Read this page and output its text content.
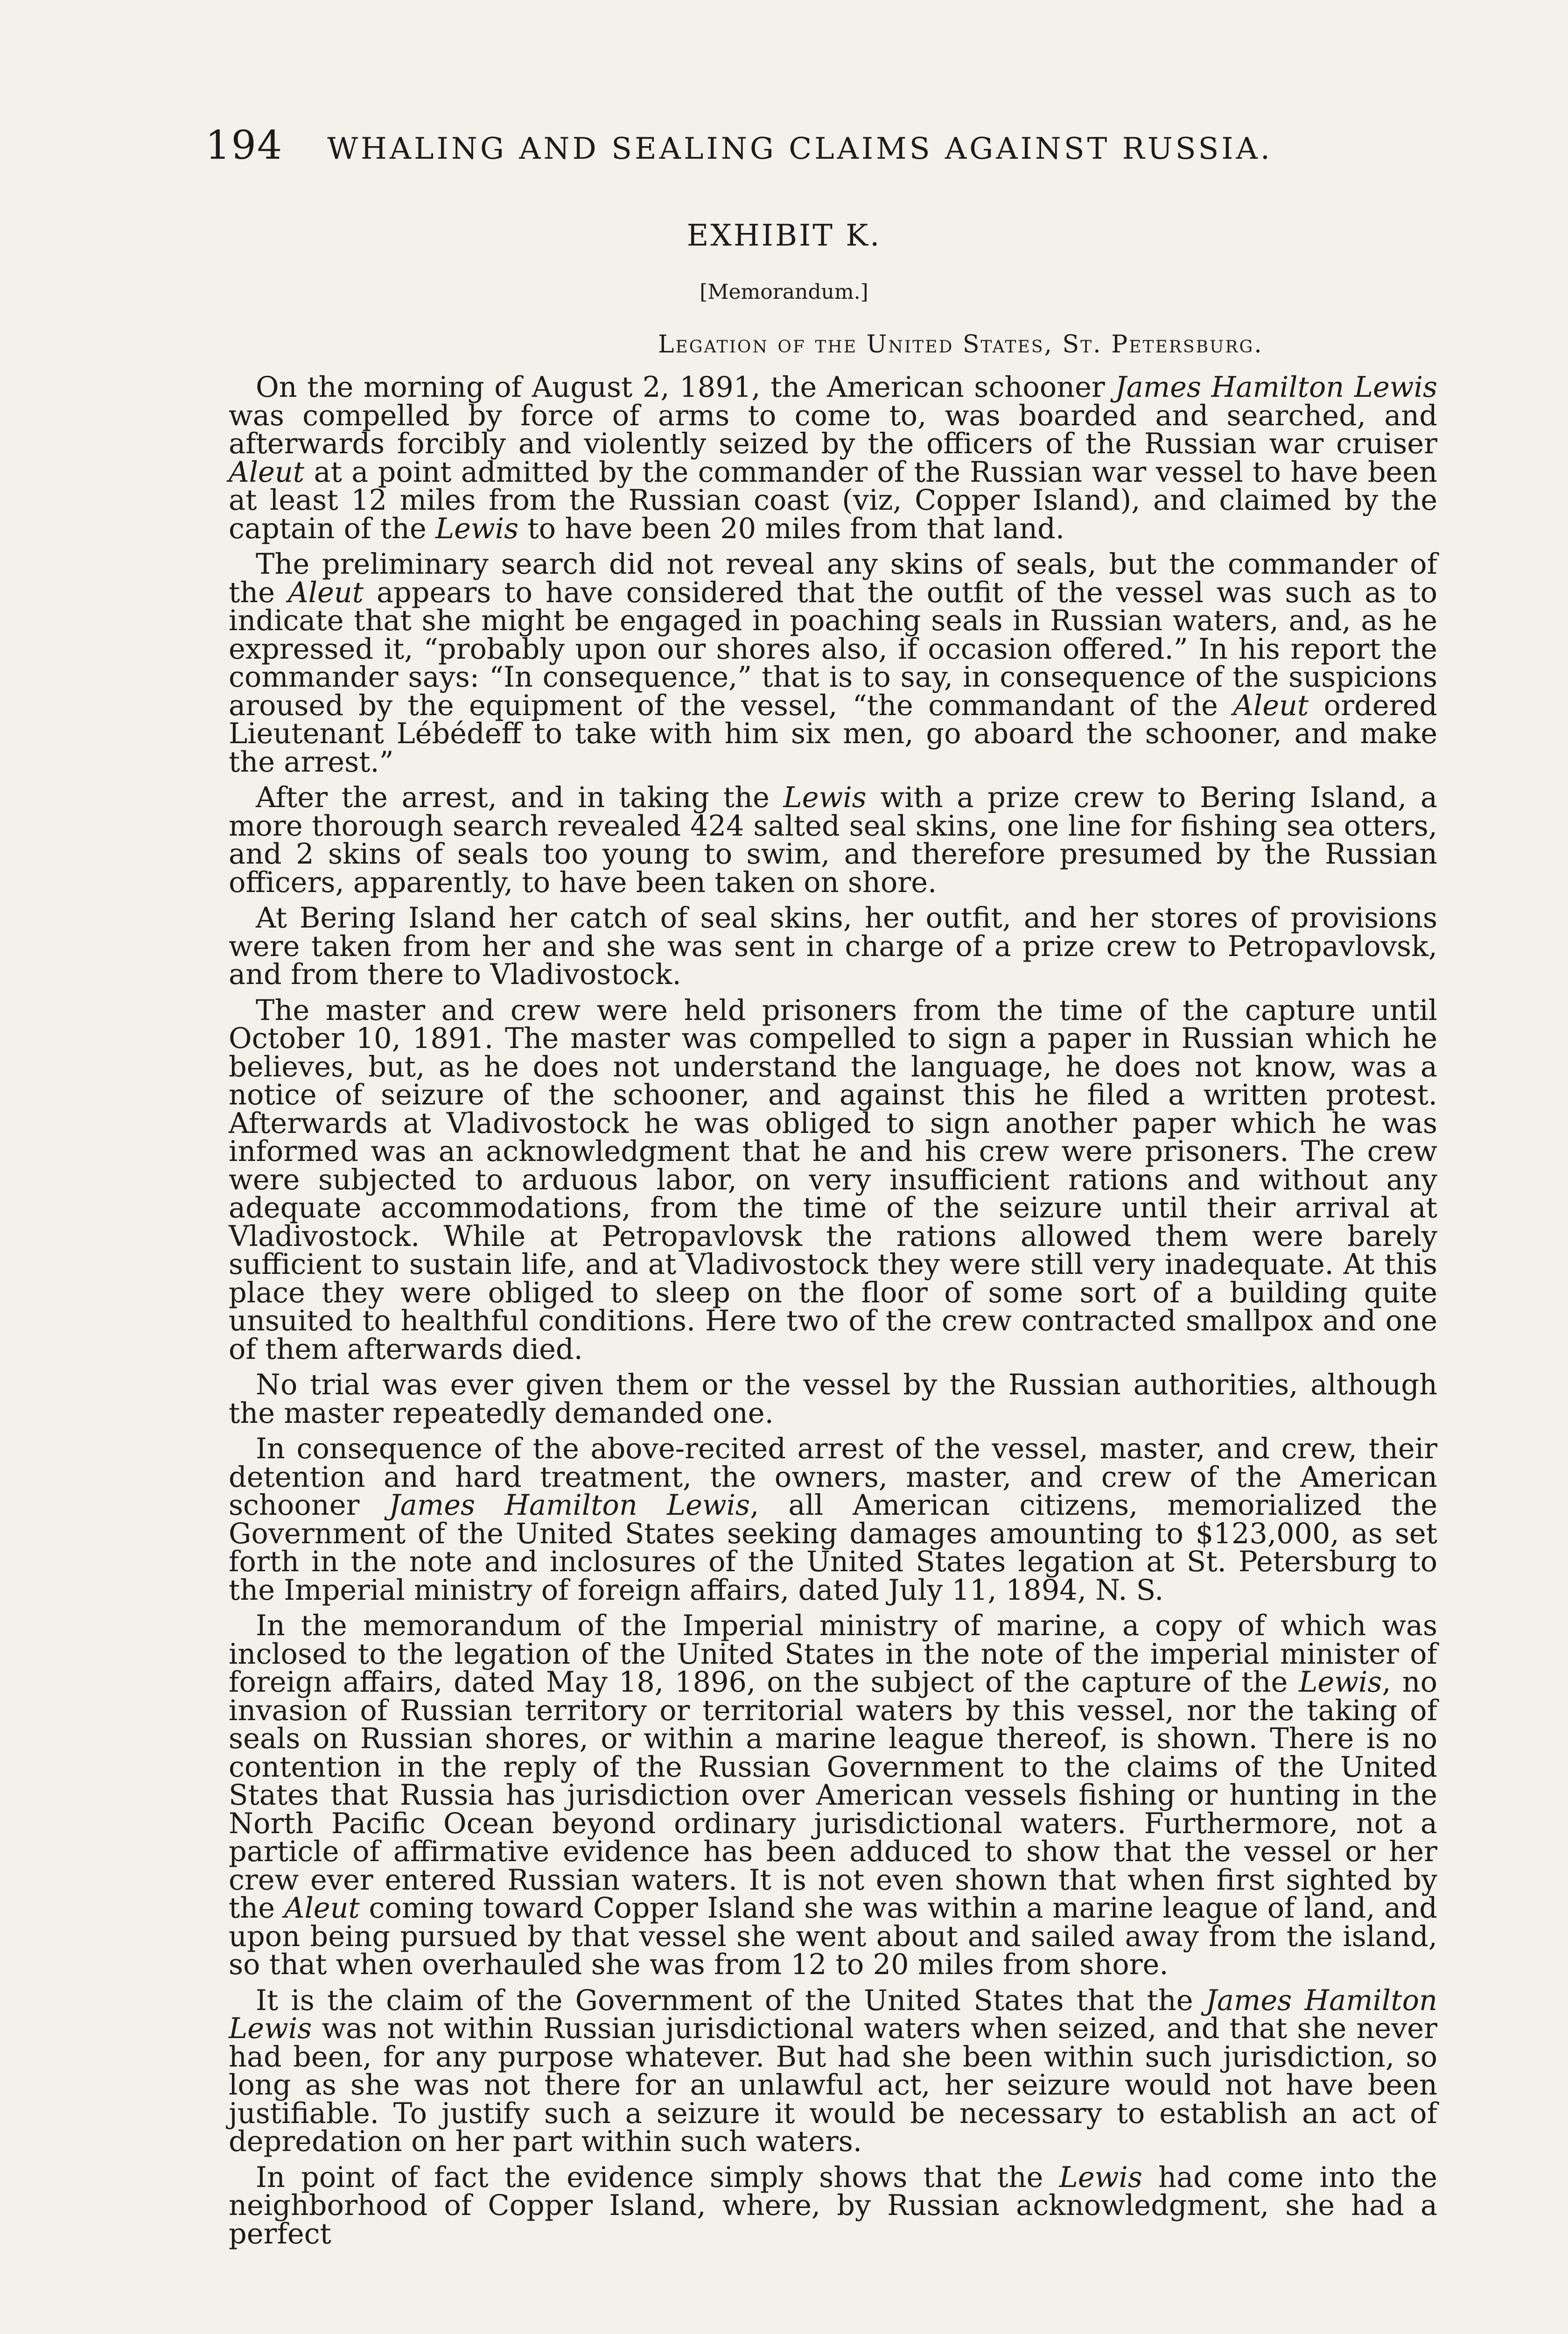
194 WHALING AND SEALING CLAIMS AGAINST RUSSIA.
EXHIBIT K.
[Memorandum.]
Legation of the United States, St. Petersburg.

On the morning of August 2, 1891, the American schooner James Hamilton Lewis was compelled by force of arms to come to, was boarded and searched, and afterwards forcibly and violently seized by the officers of the Russian war cruiser Aleut at a point admitted by the commander of the Russian war vessel to have been at least 12 miles from the Russian coast (viz, Copper Island), and claimed by the captain of the Lewis to have been 20 miles from that land.

The preliminary search did not reveal any skins of seals, but the commander of the Aleut appears to have considered that the outfit of the vessel was such as to indicate that she might be engaged in poaching seals in Russian waters, and, as he expressed it, “probably upon our shores also, if occasion offered.” In his report the commander says: “In consequence,” that is to say, in consequence of the suspicions aroused by the equipment of the vessel, “the commandant of the Aleut ordered Lieutenant Lébédeff to take with him six men, go aboard the schooner, and make the arrest.”

After the arrest, and in taking the Lewis with a prize crew to Bering Island, a more thorough search revealed 424 salted seal skins, one line for fishing sea otters, and 2 skins of seals too young to swim, and therefore presumed by the Russian officers, apparently, to have been taken on shore.

At Bering Island her catch of seal skins, her outfit, and her stores of provisions were taken from her and she was sent in charge of a prize crew to Petropavlovsk, and from there to Vladivostock.

The master and crew were held prisoners from the time of the capture until October 10, 1891. The master was compelled to sign a paper in Russian which he believes, but, as he does not understand the language, he does not know, was a notice of seizure of the schooner, and against this he filed a written protest. Afterwards at Vladivostock he was obliged to sign another paper which he was informed was an acknowledgment that he and his crew were prisoners. The crew were subjected to arduous labor, on very insufficient rations and without any adequate accommodations, from the time of the seizure until their arrival at Vladivostock. While at Petropavlovsk the rations allowed them were barely sufficient to sustain life, and at Vladivostock they were still very inadequate. At this place they were obliged to sleep on the floor of some sort of a building quite unsuited to healthful conditions. Here two of the crew contracted smallpox and one of them afterwards died.

No trial was ever given them or the vessel by the Russian authorities, although the master repeatedly demanded one.

In consequence of the above-recited arrest of the vessel, master, and crew, their detention and hard treatment, the owners, master, and crew of the American schooner James Hamilton Lewis, all American citizens, memorialized the Government of the United States seeking damages amounting to $123,000, as set forth in the note and inclosures of the United States legation at St. Petersburg to the Imperial ministry of foreign affairs, dated July 11, 1894, N. S.

In the memorandum of the Imperial ministry of marine, a copy of which was inclosed to the legation of the United States in the note of the imperial minister of foreign affairs, dated May 18, 1896, on the subject of the capture of the Lewis, no invasion of Russian territory or territorial waters by this vessel, nor the taking of seals on Russian shores, or within a marine league thereof, is shown. There is no contention in the reply of the Russian Government to the claims of the United States that Russia has jurisdiction over American vessels fishing or hunting in the North Pacific Ocean beyond ordinary jurisdictional waters. Furthermore, not a particle of affirmative evidence has been adduced to show that the vessel or her crew ever entered Russian waters. It is not even shown that when first sighted by the Aleut coming toward Copper Island she was within a marine league of land, and upon being pursued by that vessel she went about and sailed away from the island, so that when overhauled she was from 12 to 20 miles from shore.

It is the claim of the Government of the United States that the James Hamilton Lewis was not within Russian jurisdictional waters when seized, and that she never had been, for any purpose whatever. But had she been within such jurisdiction, so long as she was not there for an unlawful act, her seizure would not have been justifiable. To justify such a seizure it would be necessary to establish an act of depredation on her part within such waters.

In point of fact the evidence simply shows that the Lewis had come into the neighborhood of Copper Island, where, by Russian acknowledgment, she had a perfect
